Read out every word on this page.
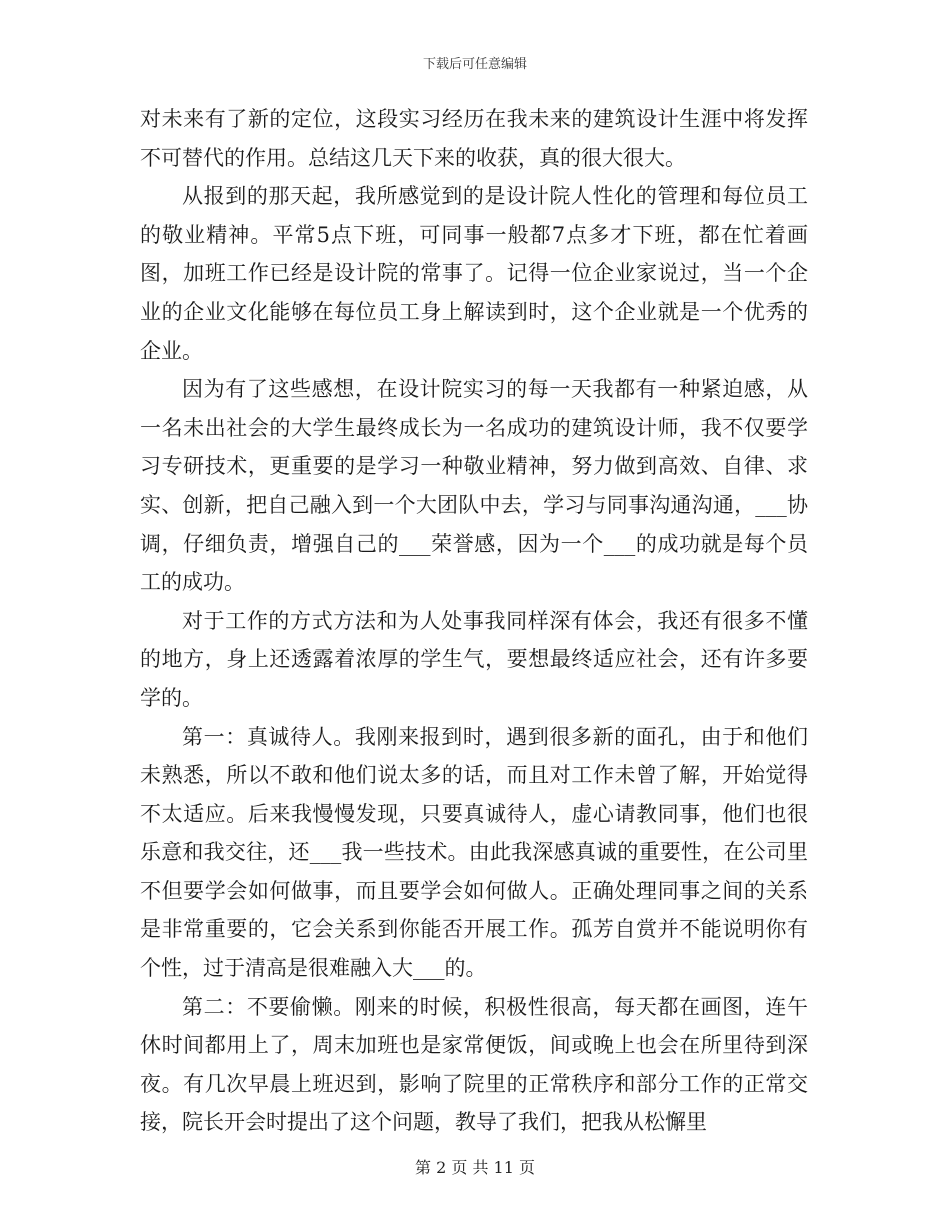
下载后可任意编辑

对未来有了新的定位，这段实习经历在我未来的建筑设计生涯中将发挥不可替代的作用。总结这几天下来的收获，真的很大很大。

从报到的那天起，我所感觉到的是设计院人性化的管理和每位员工的敬业精神。平常5点下班，可同事一般都7点多才下班，都在忙着画图，加班工作已经是设计院的常事了。记得一位企业家说过，当一个企业的企业文化能够在每位员工身上解读到时，这个企业就是一个优秀的企业。

因为有了这些感想，在设计院实习的每一天我都有一种紧迫感，从一名未出社会的大学生最终成长为一名成功的建筑设计师，我不仅要学习专研技术，更重要的是学习一种敬业精神，努力做到高效、自律、求实、创新，把自己融入到一个大团队中去，学习与同事沟通沟通，___协调，仔细负责，增强自己的___荣誉感，因为一个___的成功就是每个员工的成功。

对于工作的方式方法和为人处事我同样深有体会，我还有很多不懂的地方，身上还透露着浓厚的学生气，要想最终适应社会，还有许多要学的。

第一：真诚待人。我刚来报到时，遇到很多新的面孔，由于和他们未熟悉，所以不敢和他们说太多的话，而且对工作未曾了解，开始觉得不太适应。后来我慢慢发现，只要真诚待人，虚心请教同事，他们也很乐意和我交往，还___我一些技术。由此我深感真诚的重要性，在公司里不但要学会如何做事，而且要学会如何做人。正确处理同事之间的关系是非常重要的，它会关系到你能否开展工作。孤芳自赏并不能说明你有个性，过于清高是很难融入大___的。

第二：不要偷懒。刚来的时候，积极性很高，每天都在画图，连午休时间都用上了，周末加班也是家常便饭，间或晚上也会在所里待到深夜。有几次早晨上班迟到，影响了院里的正常秩序和部分工作的正常交接，院长开会时提出了这个问题，教导了我们，把我从松懈里

第 2 页 共 11 页
